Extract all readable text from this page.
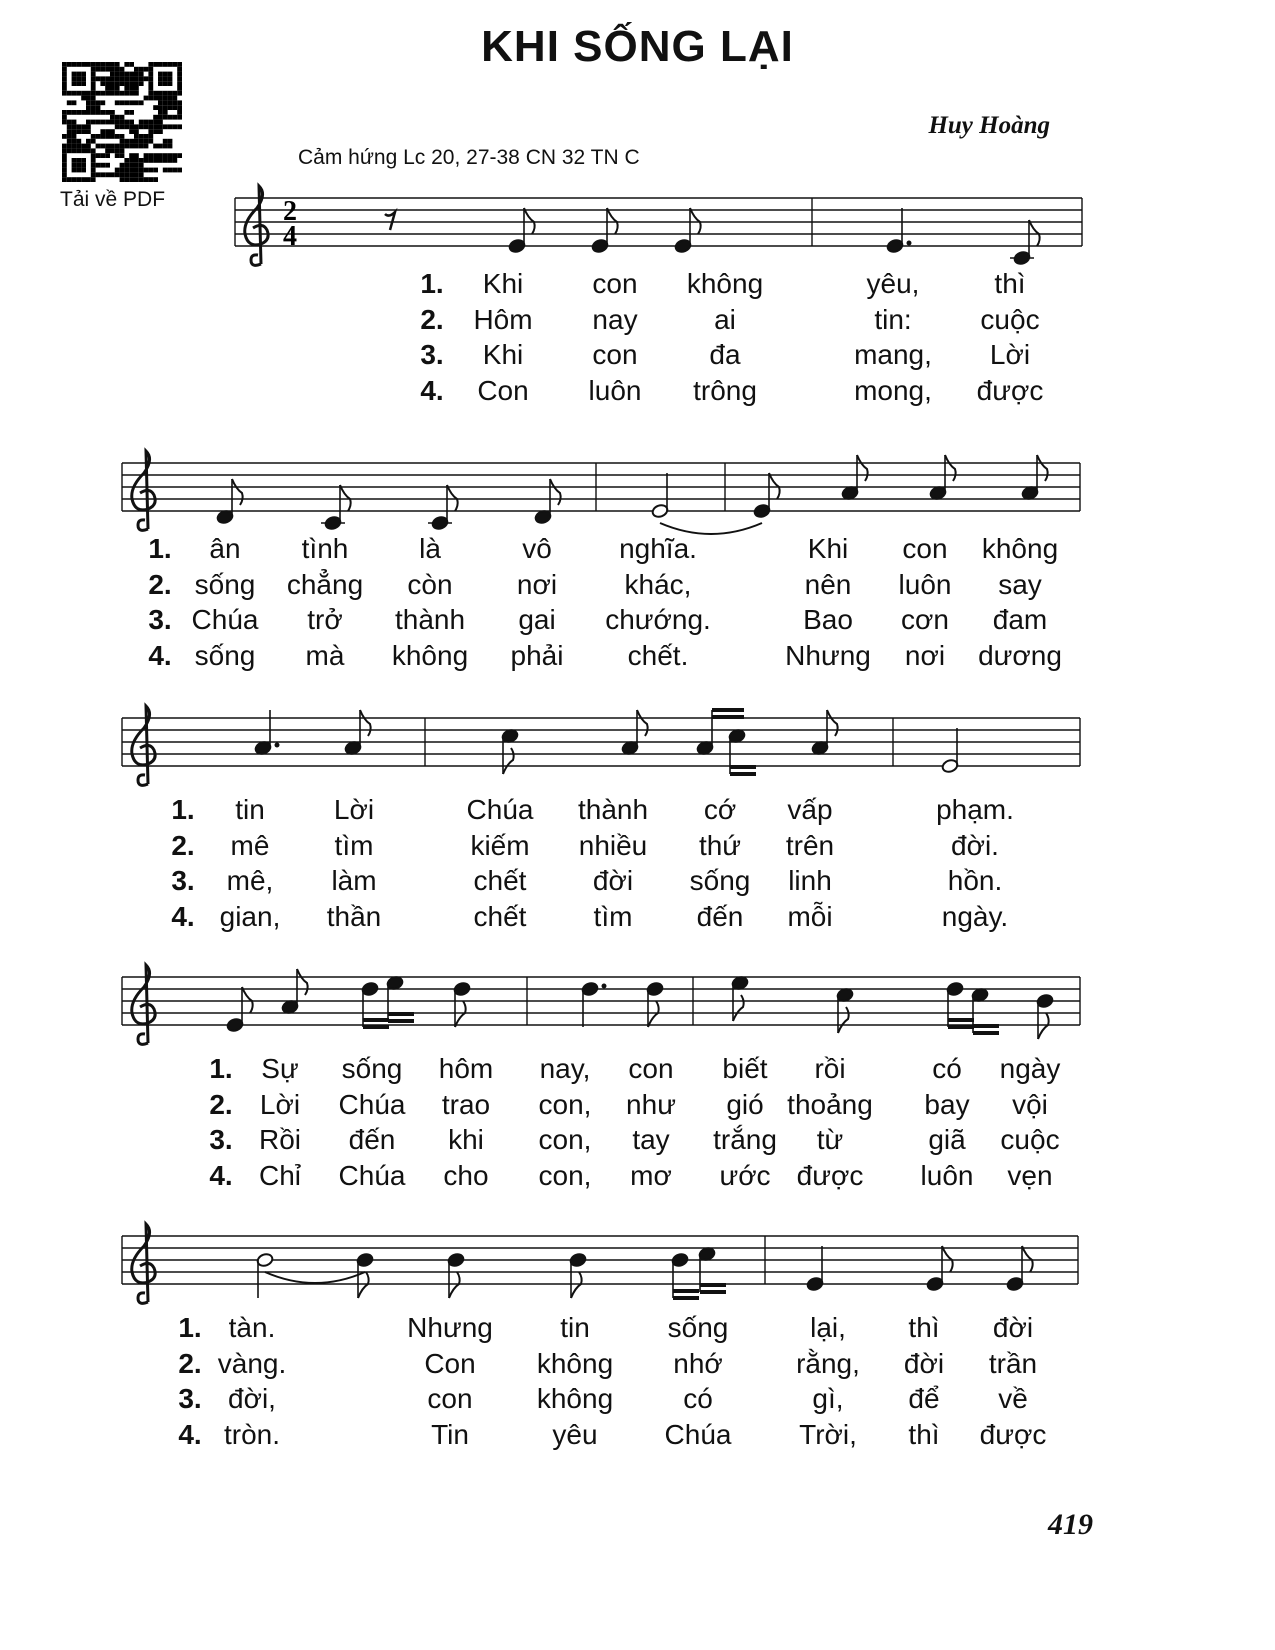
KHI SỐNG LẠI
Huy Hoàng
Cảm hứng Lc 20, 27-38 CN 32 TN C
Tải về PDF
419
2
4
1. Khi con không	yêu,	thì
2. Hôm nay	ai	tin: cuộc
3. Khi con	đa	mang, Lời
4. Con luôn trông	mong, được
1. ân tình	là	vô nghĩa.	Khi con không
2. sống chẳng còn nơi khác,	nên luôn say
3. Chúa trở thành gai chướng.	Bao cơn đam
4. sống mà không phải chết.	Nhưng nơi dương
1. tin Lời	Chúa thành cớ vấp	phạm.
2. mê tìm	kiếm nhiều thứ trên	đời.
3. mê, làm	chết đời sống linh	hồn.
4. gian, thần	chết tìm đến mỗi	ngày.
1. Sự sống hôm nay, con biết rồi	có ngày
2. Lời Chúa trao con, như gió thoảng bay vội
3. Rồi đến khi con, tay trắng từ	giã cuộc
4. Chỉ Chúa cho con, mơ ước được luôn vẹn
1. tàn.	Nhưng tin	sống	lại, thì đời
2. vàng.	Con không nhớ	rằng, đời trần
3. đời,	con không	có	gì, để về
4. tròn.	Tin	yêu Chúa Trời, thì được
